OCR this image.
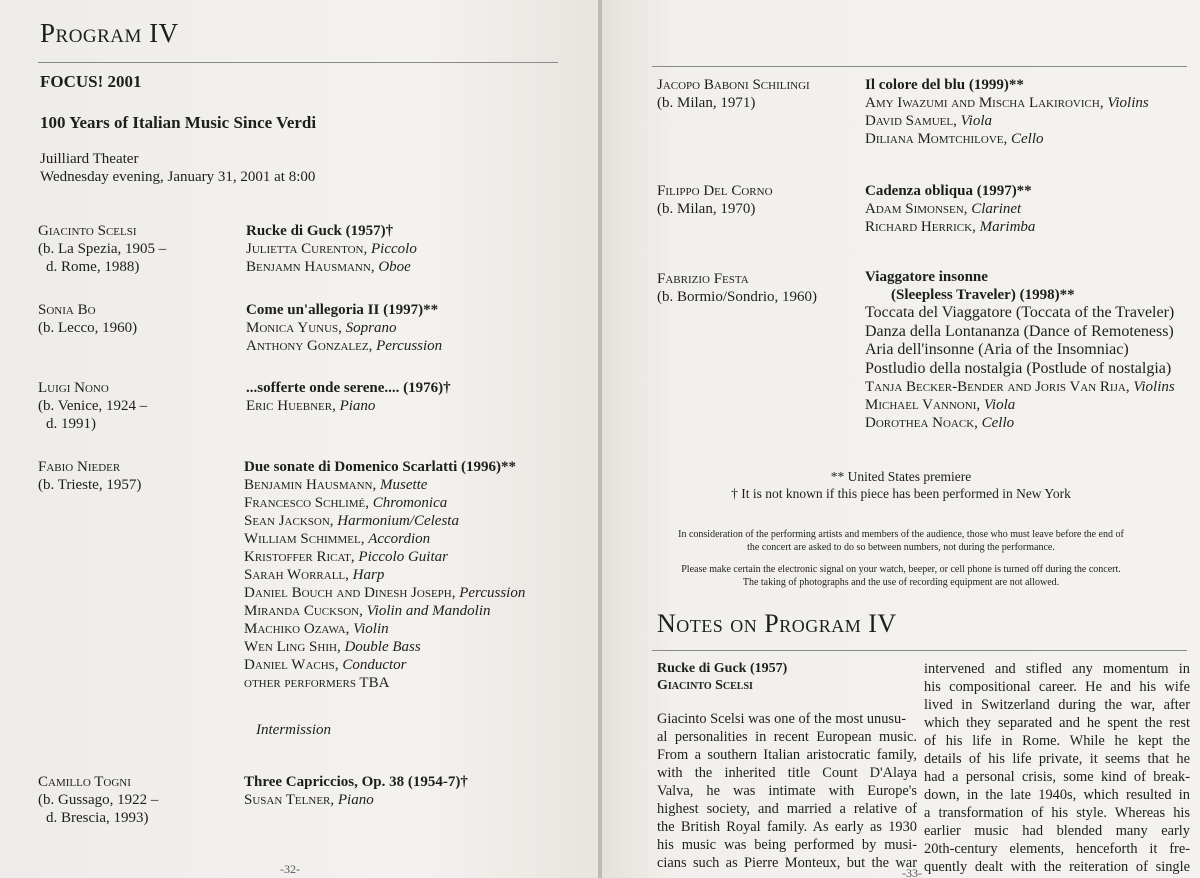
Program IV
FOCUS! 2001
100 Years of Italian Music Since Verdi
Juilliard Theater
Wednesday evening, January 31, 2001 at 8:00
Giacinto Scelsi
(b. La Spezia, 1905 –
d. Rome, 1988)
Rucke di Guck (1957)†
Julietta Curenton, Piccolo
Benjamn Hausmann, Oboe
Sonia Bo
(b. Lecco, 1960)
Come un'allegoria II (1997)**
Monica Yunus, Soprano
Anthony Gonzalez, Percussion
Luigi Nono
(b. Venice, 1924 –
d. 1991)
...sofferte onde serene.... (1976)†
Eric Huebner, Piano
Fabio Nieder
(b. Trieste, 1957)
Due sonate di Domenico Scarlatti (1996)**
Benjamin Hausmann, Musette
Francesco Schlimé, Chromonica
Sean Jackson, Harmonium/Celesta
William Schimmel, Accordion
Kristoffer Ricat, Piccolo Guitar
Sarah Worrall, Harp
Daniel Bouch and Dinesh Joseph, Percussion
Miranda Cuckson, Violin and Mandolin
Machiko Ozawa, Violin
Wen Ling Shih, Double Bass
Daniel Wachs, Conductor
other performers TBA
Intermission
Camillo Togni
(b. Gussago, 1922 –
d. Brescia, 1993)
Three Capriccios, Op. 38 (1954-7)†
Susan Telner, Piano
-32-
Jacopo Baboni Schilingi
(b. Milan, 1971)
Il colore del blu (1999)**
Amy Iwazumi and Mischa Lakirovich, Violins
David Samuel, Viola
Diliana Momtchilove, Cello
Filippo Del Corno
(b. Milan, 1970)
Cadenza obliqua (1997)**
Adam Simonsen, Clarinet
Richard Herrick, Marimba
Fabrizio Festa
(b. Bormio/Sondrio, 1960)
Viaggatore insonne
(Sleepless Traveler) (1998)**
Toccata del Viaggatore (Toccata of the Traveler)
Danza della Lontananza (Dance of Remoteness)
Aria dell'insonne (Aria of the Insomniac)
Postludio della nostalgia (Postlude of nostalgia)
Tanja Becker-Bender and Joris Van Rija, Violins
Michael Vannoni, Viola
Dorothea Noack, Cello
** United States premiere
† It is not known if this piece has been performed in New York
In consideration of the performing artists and members of the audience, those who must leave before the end of
the concert are asked to do so between numbers, not during the performance.
Please make certain the electronic signal on your watch, beeper, or cell phone is turned off during the concert.
The taking of photographs and the use of recording equipment are not allowed.
Notes on Program IV
Rucke di Guck (1957)
Giacinto Scelsi
Giacinto Scelsi was one of the most unusu-
al personalities in recent European music.
From a southern Italian aristocratic family,
with the inherited title Count D'Alaya
Valva, he was intimate with Europe's
highest society, and married a relative of
the British Royal family. As early as 1930
his music was being performed by musi-
cians such as Pierre Monteux, but the war
intervened and stifled any momentum in
his compositional career. He and his wife
lived in Switzerland during the war, after
which they separated and he spent the rest
of his life in Rome. While he kept the
details of his life private, it seems that he
had a personal crisis, some kind of break-
down, in the late 1940s, which resulted in
a transformation of his style. Whereas his
earlier music had blended many early
20th-century elements, henceforth it fre-
quently dealt with the reiteration of single
-33-
